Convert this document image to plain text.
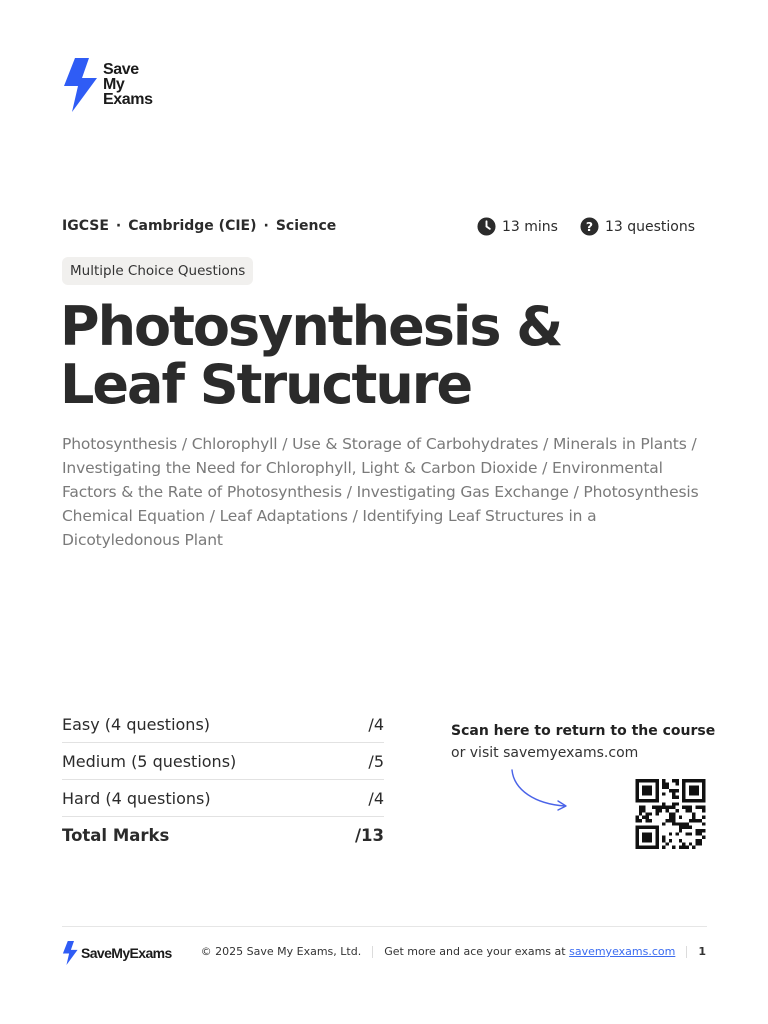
Save
My
Exams
IGCSE · Cambridge (CIE) · Science	13 mins ? 13 questions
Multiple Choice Questions
Photosynthesis &
Leaf Structure
Photosynthesis / Chlorophyll / Use & Storage of Carbohydrates / Minerals in Plants / Investigating the Need for Chlorophyll, Light & Carbon Dioxide / Environmental Factors & the Rate of Photosynthesis / Investigating Gas Exchange / Photosynthesis Chemical Equation / Leaf Adaptations / Identifying Leaf Structures in a Dicotyledonous Plant
Easy (4 questions)	/4
Medium (5 questions)	/5
Hard (4 questions)	/4
Total Marks	/13
Scan here to return to the course
or visit savemyexams.com
SaveMyExams	© 2025 Save My Exams, Ltd. Get more and ace your exams at savemyexams.com 1
